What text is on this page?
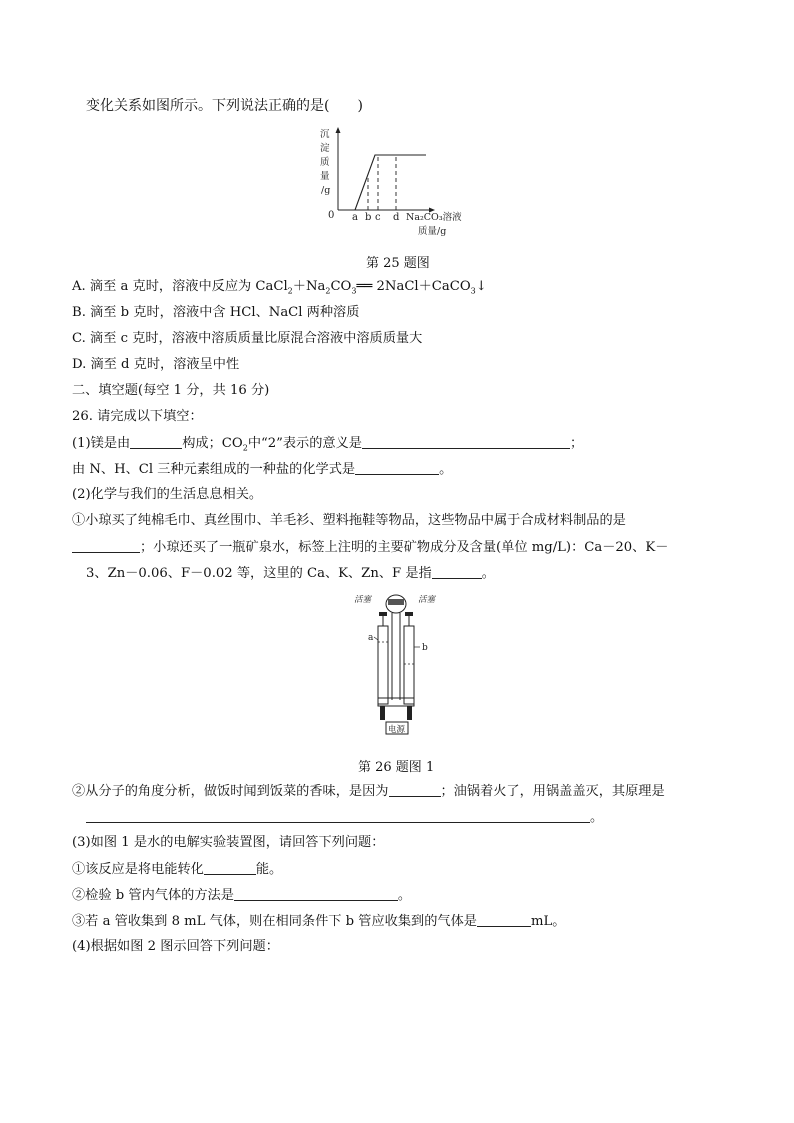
变化关系如图所示。下列说法正确的是(　　)
沉
淀
质
量
/g
0 a b c d Na₂CO₃溶液
质量/g
第 25 题图
A. 滴至 a 克时，溶液中反应为 $CaCl_2+Na_2CO_3══$ 2NaCl＋CaCO$_3$↓
B. 滴至 b 克时，溶液中含 HCl、NaCl 两种溶质
C. 滴至 c 克时，溶液中溶质质量比原混合溶液中溶质质量大
D. 滴至 d 克时，溶液呈中性
二、填空题(每空 1 分，共 16 分)
26. 请完成以下填空：
(1)镁是由	构成；$CO_2$中“2”表示的意义是	；
由 N、H、Cl 三种元素组成的一种盐的化学式是	。
(2)化学与我们的生活息息相关。
①小琼买了纯棉毛巾、真丝围巾、羊毛衫、塑料拖鞋等物品，这些物品中属于合成材料制品的是
；小琼还买了一瓶矿泉水，标签上注明的主要矿物成分及含量(单位 mg/L)：Ca－20、K－
3、Zn－0.06、F－0.02 等，这里的 Ca、K、Zn、F 是指	。
电源
活塞	活塞
a
b
第 26 题图 1
②从分子的角度分析，做饭时闻到饭菜的香味，是因为	；油锅着火了，用锅盖盖灭，其原理是
。
(3)如图 1 是水的电解实验装置图，请回答下列问题：
①该反应是将电能转化	能。
②检验 b 管内气体的方法是	。
③若 a 管收集到 8 mL 气体，则在相同条件下 b 管应收集到的气体是	mL。
(4)根据如图 2 图示回答下列问题：
